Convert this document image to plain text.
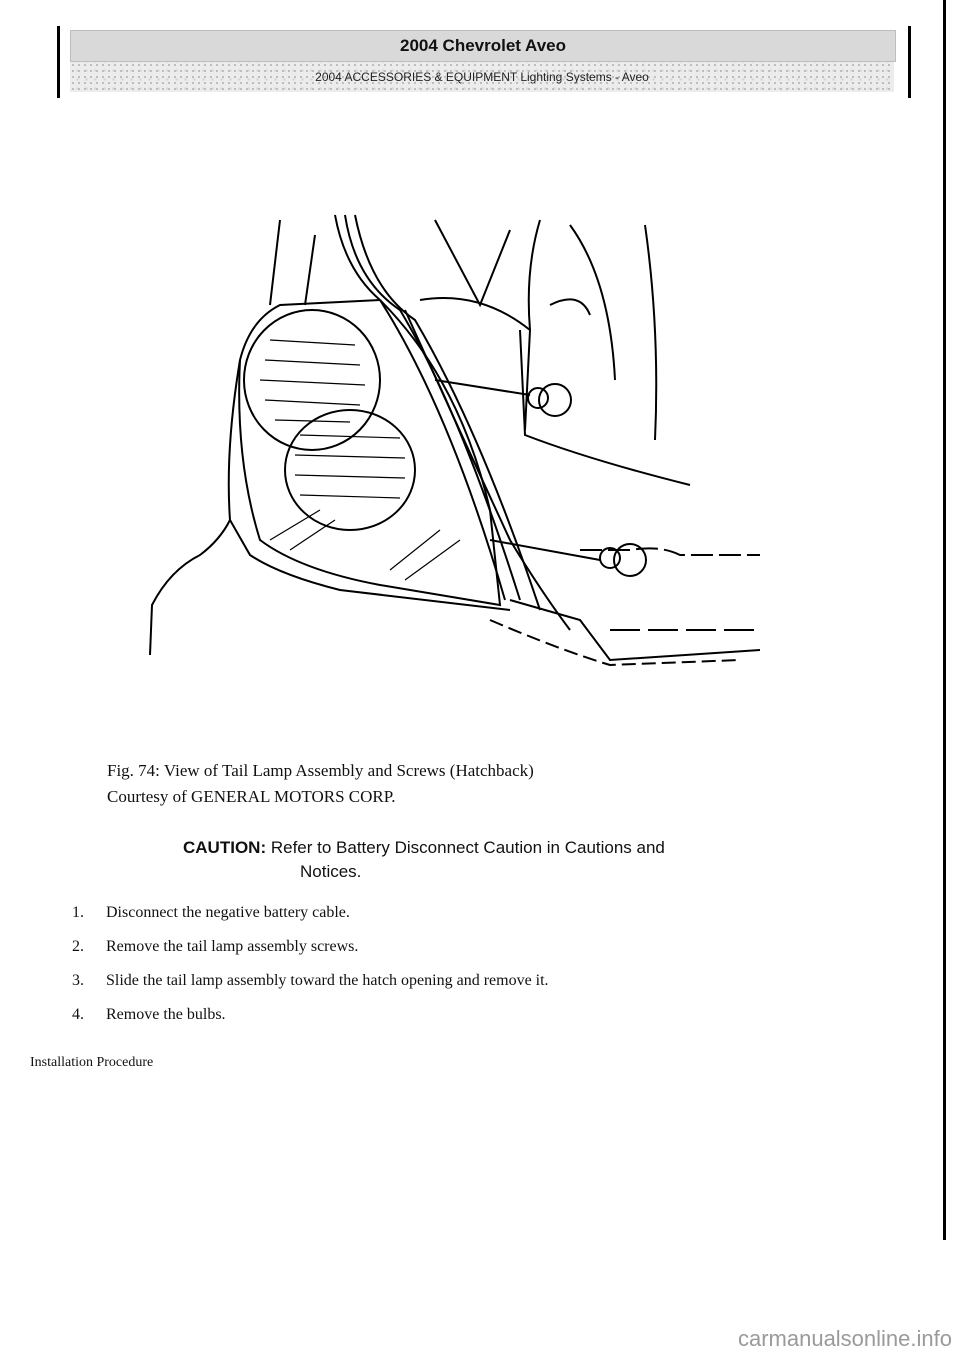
2004 Chevrolet Aveo
2004 ACCESSORIES & EQUIPMENT Lighting Systems - Aveo
Fig. 74: View of Tail Lamp Assembly and Screws (Hatchback)
Courtesy of GENERAL MOTORS CORP.
CAUTION: Refer to Battery Disconnect Caution in Cautions and
Notices.
1. Disconnect the negative battery cable.
2. Remove the tail lamp assembly screws.
3. Slide the tail lamp assembly toward the hatch opening and remove it.
4. Remove the bulbs.
Installation Procedure
carmanualsonline.info
